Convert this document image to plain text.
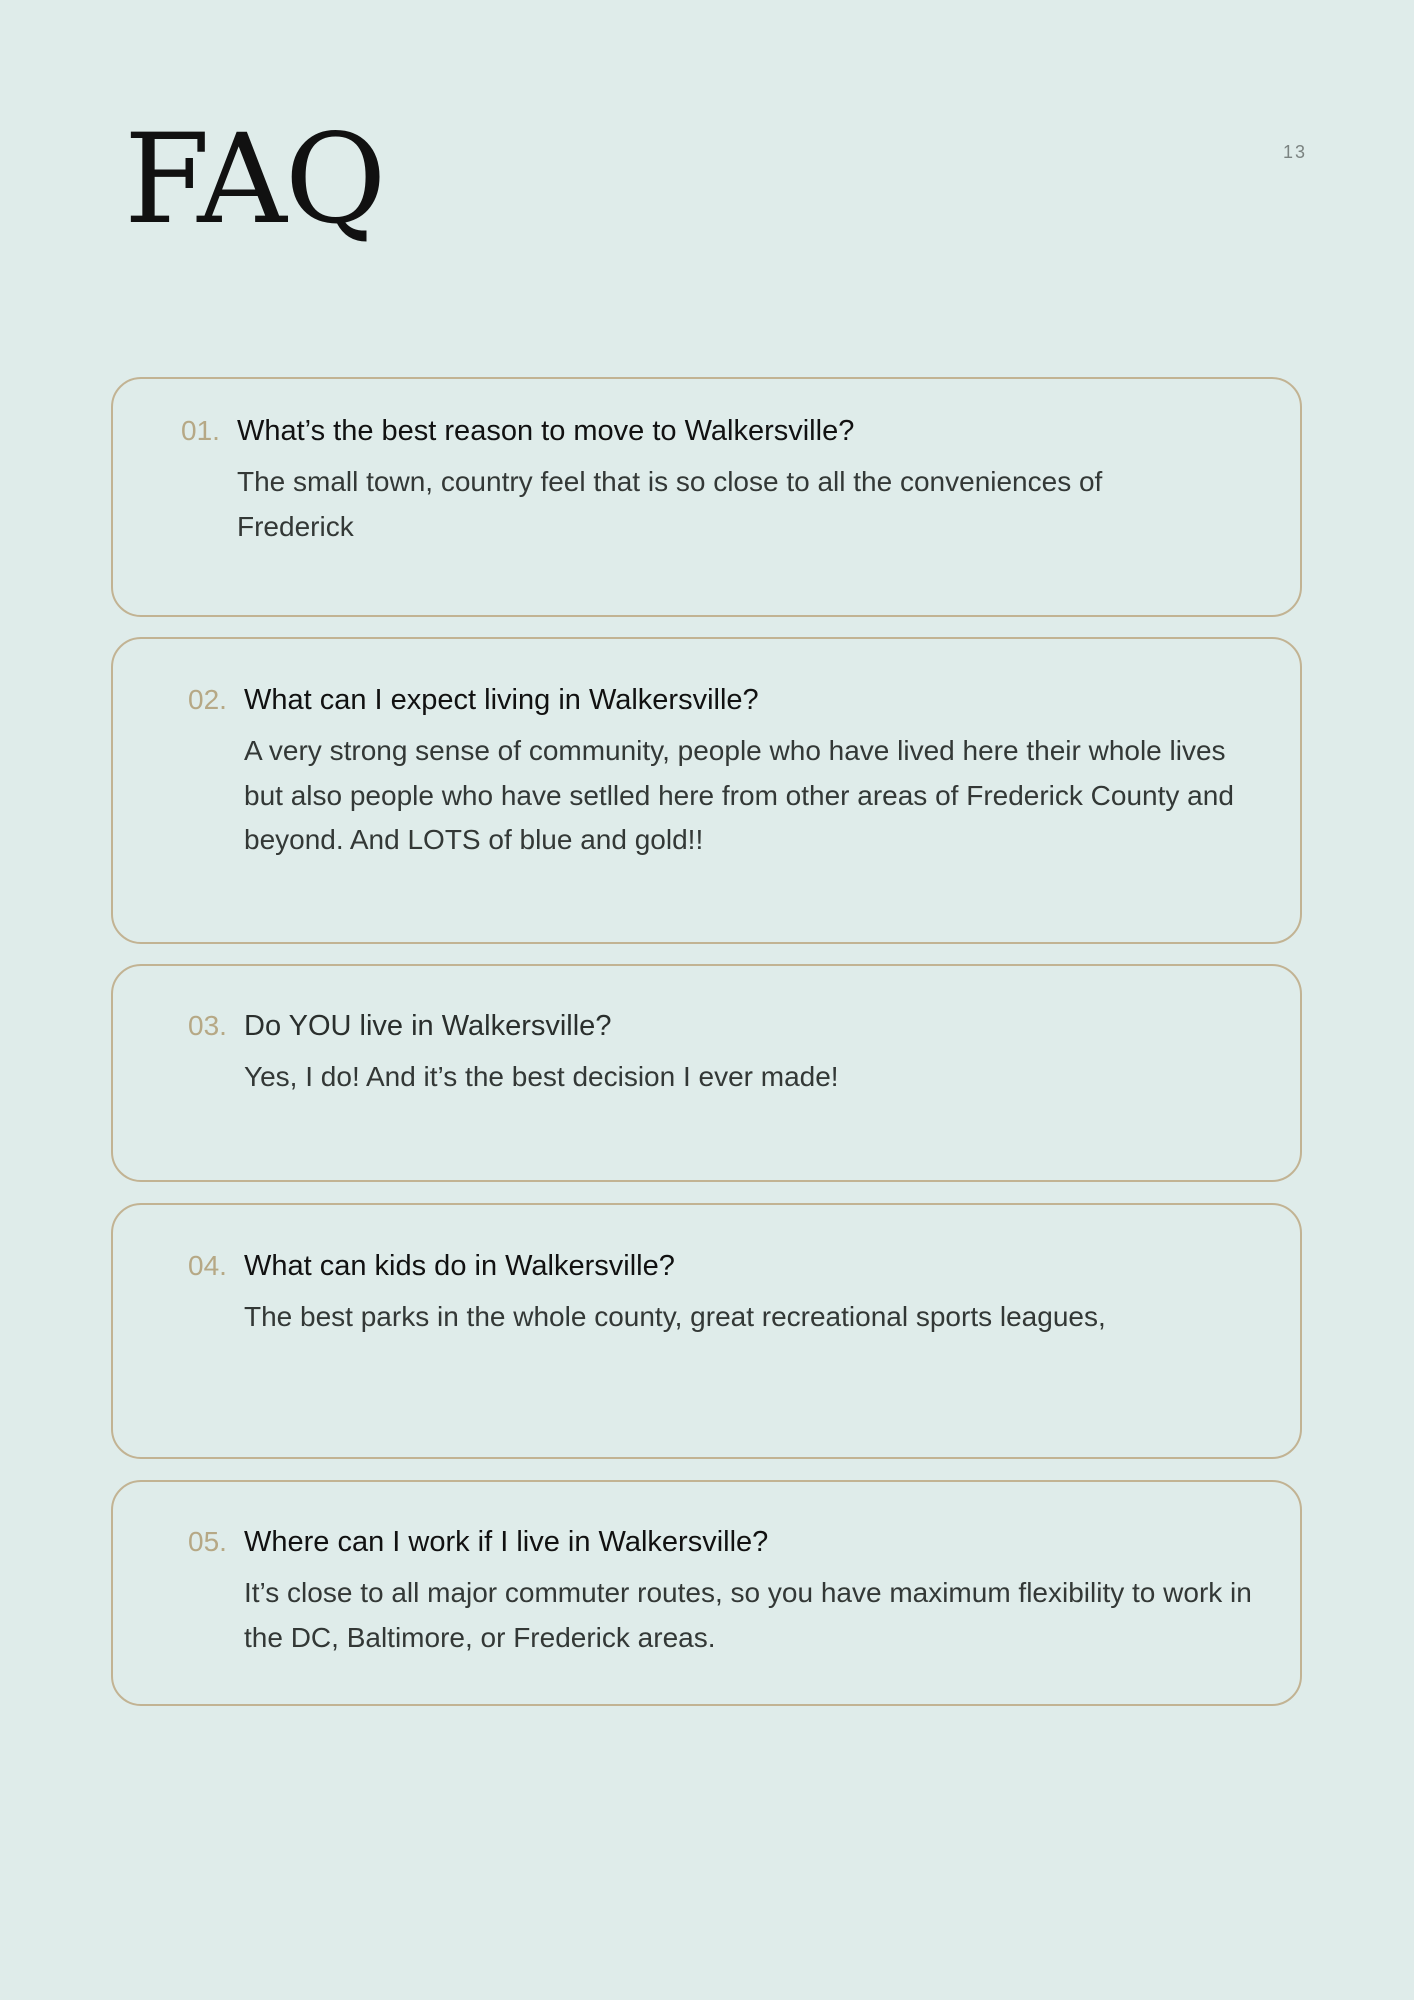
FAQ	13
01. What’s the best reason to move to Walkersville?
The small town, country feel that is so close to all the conveniences of Frederick
02. What can I expect living in Walkersville?
A very strong sense of community, people who have lived here their whole lives but also people who have setlled here from other areas of Frederick County and beyond. And LOTS of blue and gold!!
03. Do YOU live in Walkersville?
Yes, I do! And it’s the best decision I ever made!
04. What can kids do in Walkersville?
The best parks in the whole county, great recreational sports leagues,
05. Where can I work if I live in Walkersville?
It’s close to all major commuter routes, so you have maximum flexibility to work in the DC, Baltimore, or Frederick areas.
